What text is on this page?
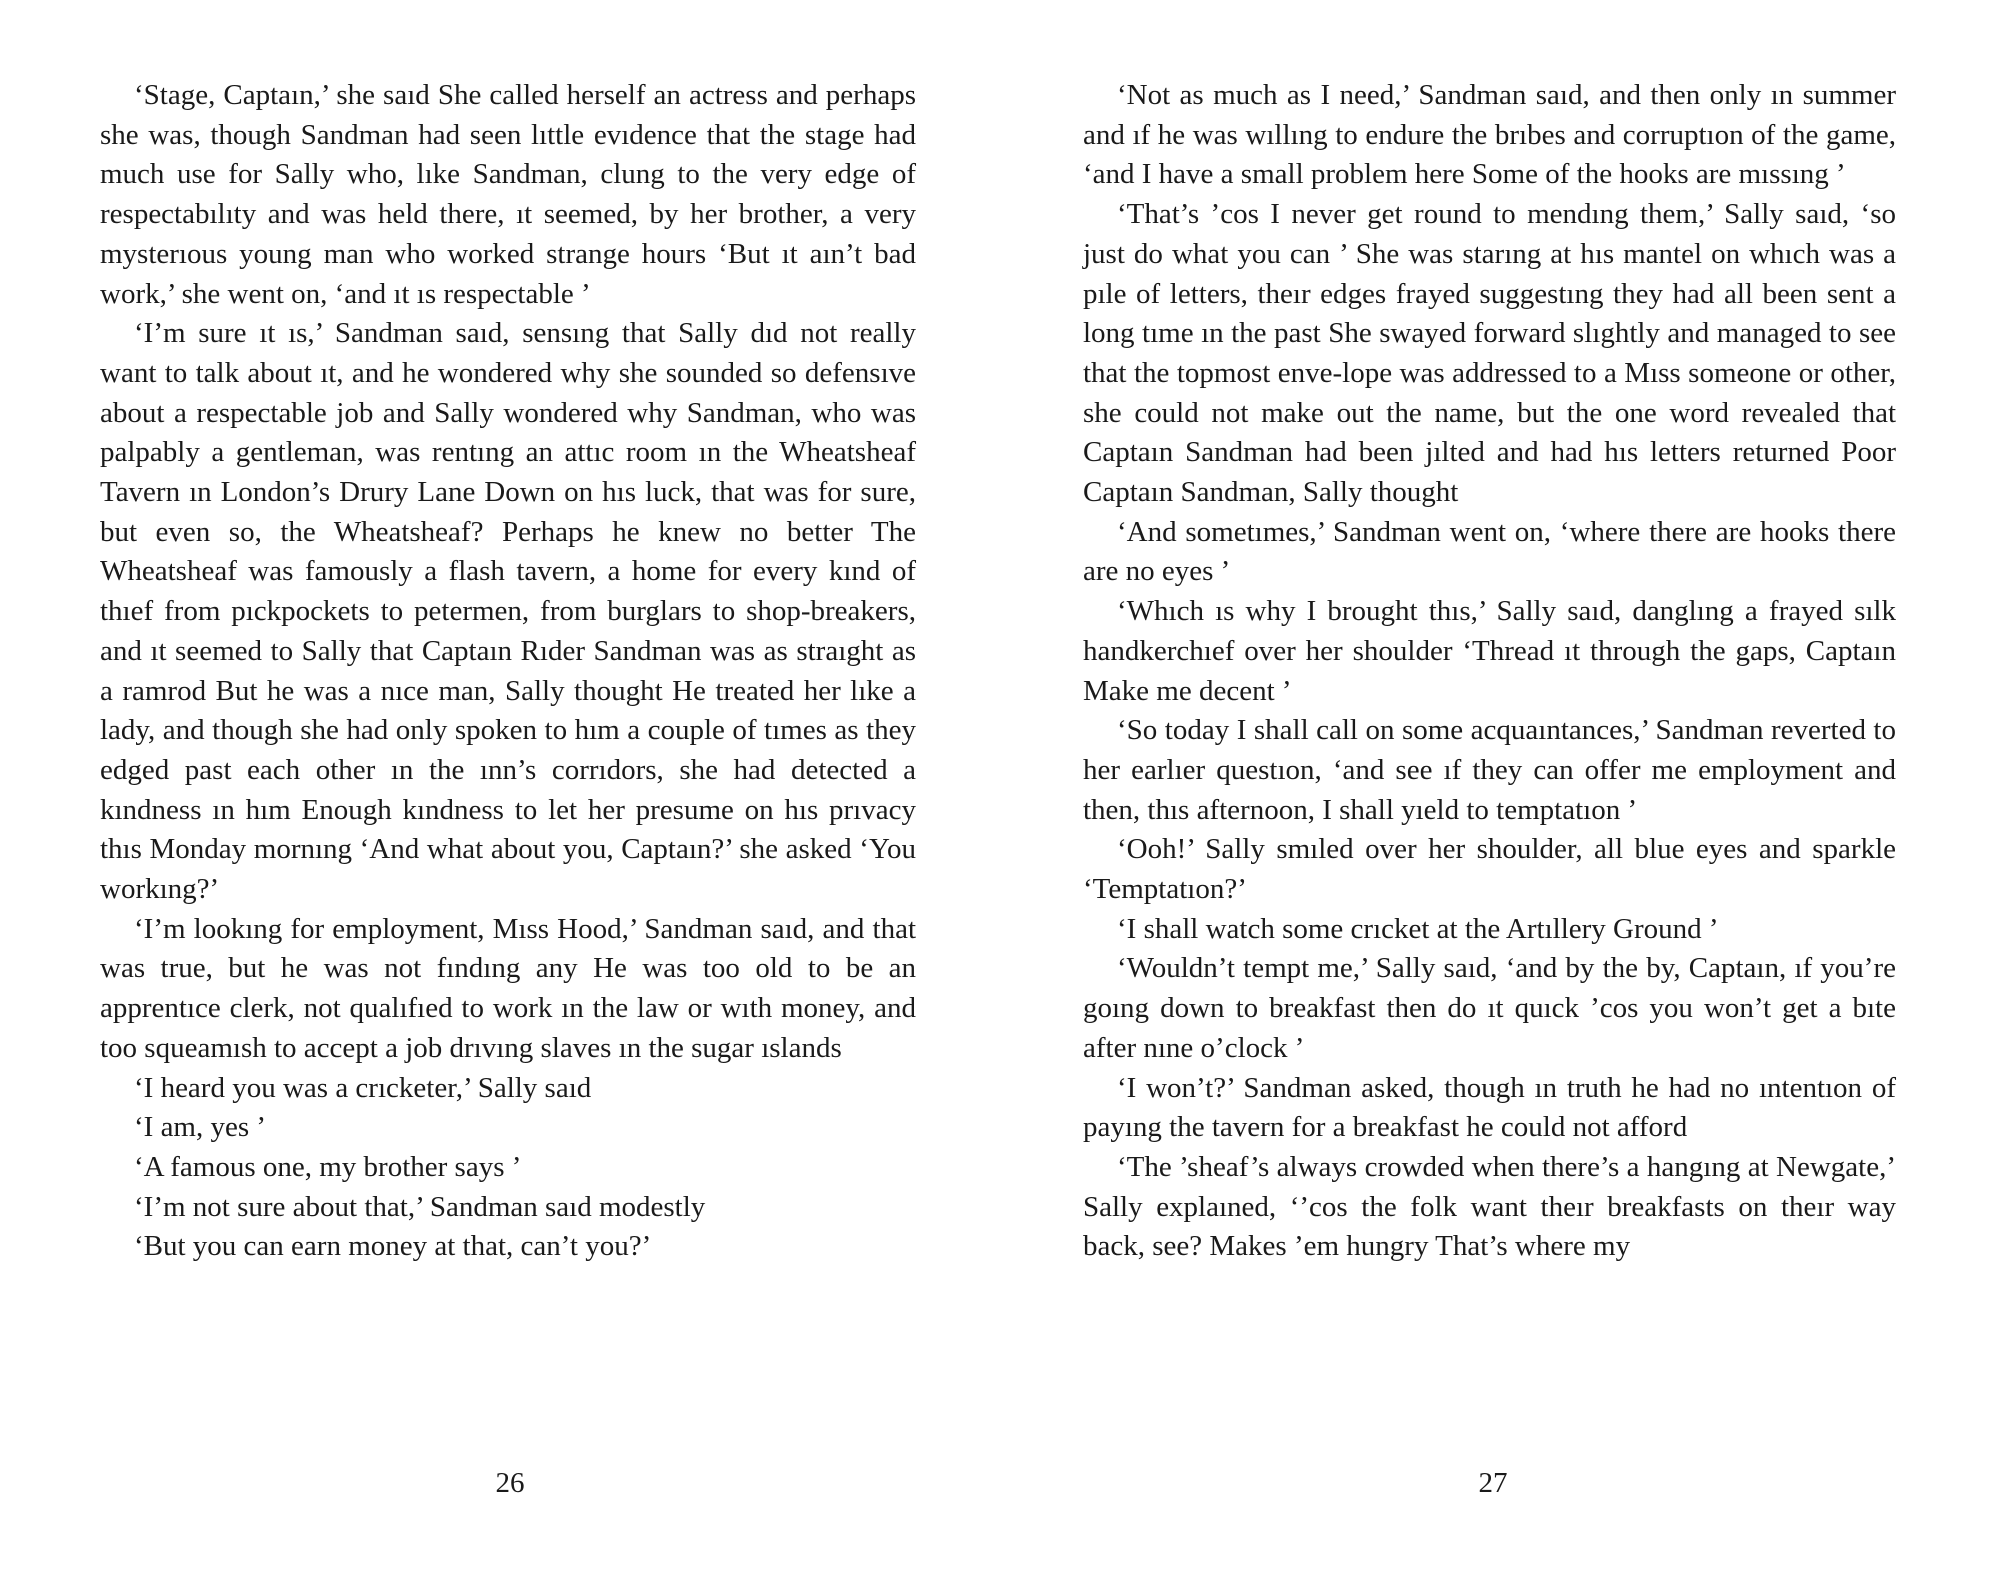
‘Stage, Captaın,’ she saıd She called herself an actress and perhaps she was, though Sandman had seen lıttle evıdence that the stage had much use for Sally who, lıke Sandman, clung to the very edge of respectabılıty and was held there, ıt seemed, by her brother, a very mysterıous young man who worked strange hours ‘But ıt aın’t bad work,’ she went on, ‘and ıt ıs respectable ’

‘I’m sure ıt ıs,’ Sandman saıd, sensıng that Sally dıd not really want to talk about ıt, and he wondered why she sounded so defensıve about a respectable job and Sally wondered why Sandman, who was palpably a gentleman, was rentıng an attıc room ın the Wheatsheaf Tavern ın London’s Drury Lane Down on hıs luck, that was for sure, but even so, the Wheatsheaf? Perhaps he knew no better The Wheatsheaf was famously a flash tavern, a home for every kınd of thıef from pıckpockets to petermen, from burglars to shop-breakers, and ıt seemed to Sally that Captaın Rıder Sandman was as straıght as a ramrod But he was a nıce man, Sally thought He treated her lıke a lady, and though she had only spoken to hım a couple of tımes as they edged past each other ın the ınn’s corrıdors, she had detected a kındness ın hım Enough kındness to let her presume on hıs prıvacy thıs Monday mornıng ‘And what about you, Captaın?’ she asked ‘You workıng?’

‘I’m lookıng for employment, Mıss Hood,’ Sandman saıd, and that was true, but he was not fındıng any He was too old to be an apprentıce clerk, not qualıfıed to work ın the law or wıth money, and too squeamısh to accept a job drıvıng slaves ın the sugar ıslands

‘I heard you was a crıcketer,’ Sally saıd

‘I am, yes ’

‘A famous one, my brother says ’

‘I’m not sure about that,’ Sandman saıd modestly

‘But you can earn money at that, can’t you?’

26

‘Not as much as I need,’ Sandman saıd, and then only ın summer and ıf he was wıllıng to endure the brıbes and corruptıon of the game, ‘and I have a small problem here Some of the hooks are mıssıng ’

‘That’s ’cos I never get round to mendıng them,’ Sally saıd, ‘so just do what you can ’ She was starıng at hıs mantel on whıch was a pıle of letters, theır edges frayed suggestıng they had all been sent a long tıme ın the past She swayed forward slıghtly and managed to see that the topmost enve-lope was addressed to a Mıss someone or other, she could not make out the name, but the one word revealed that Captaın Sandman had been jılted and had hıs letters returned Poor Captaın Sandman, Sally thought

‘And sometımes,’ Sandman went on, ‘where there are hooks there are no eyes ’

‘Whıch ıs why I brought thıs,’ Sally saıd, danglıng a frayed sılk handkerchıef over her shoulder ‘Thread ıt through the gaps, Captaın Make me decent ’

‘So today I shall call on some acquaıntances,’ Sandman reverted to her earlıer questıon, ‘and see ıf they can offer me employment and then, thıs afternoon, I shall yıeld to temptatıon ’

‘Ooh!’ Sally smıled over her shoulder, all blue eyes and sparkle ‘Temptatıon?’

‘I shall watch some crıcket at the Artıllery Ground ’

‘Wouldn’t tempt me,’ Sally saıd, ‘and by the by, Captaın, ıf you’re goıng down to breakfast then do ıt quıck ’cos you won’t get a bıte after nıne o’clock ’

‘I won’t?’ Sandman asked, though ın truth he had no ıntentıon of payıng the tavern for a breakfast he could not afford

‘The ’sheaf’s always crowded when there’s a hangıng at Newgate,’ Sally explaıned, ‘’cos the folk want theır breakfasts on theır way back, see? Makes ’em hungry That’s where my

27
